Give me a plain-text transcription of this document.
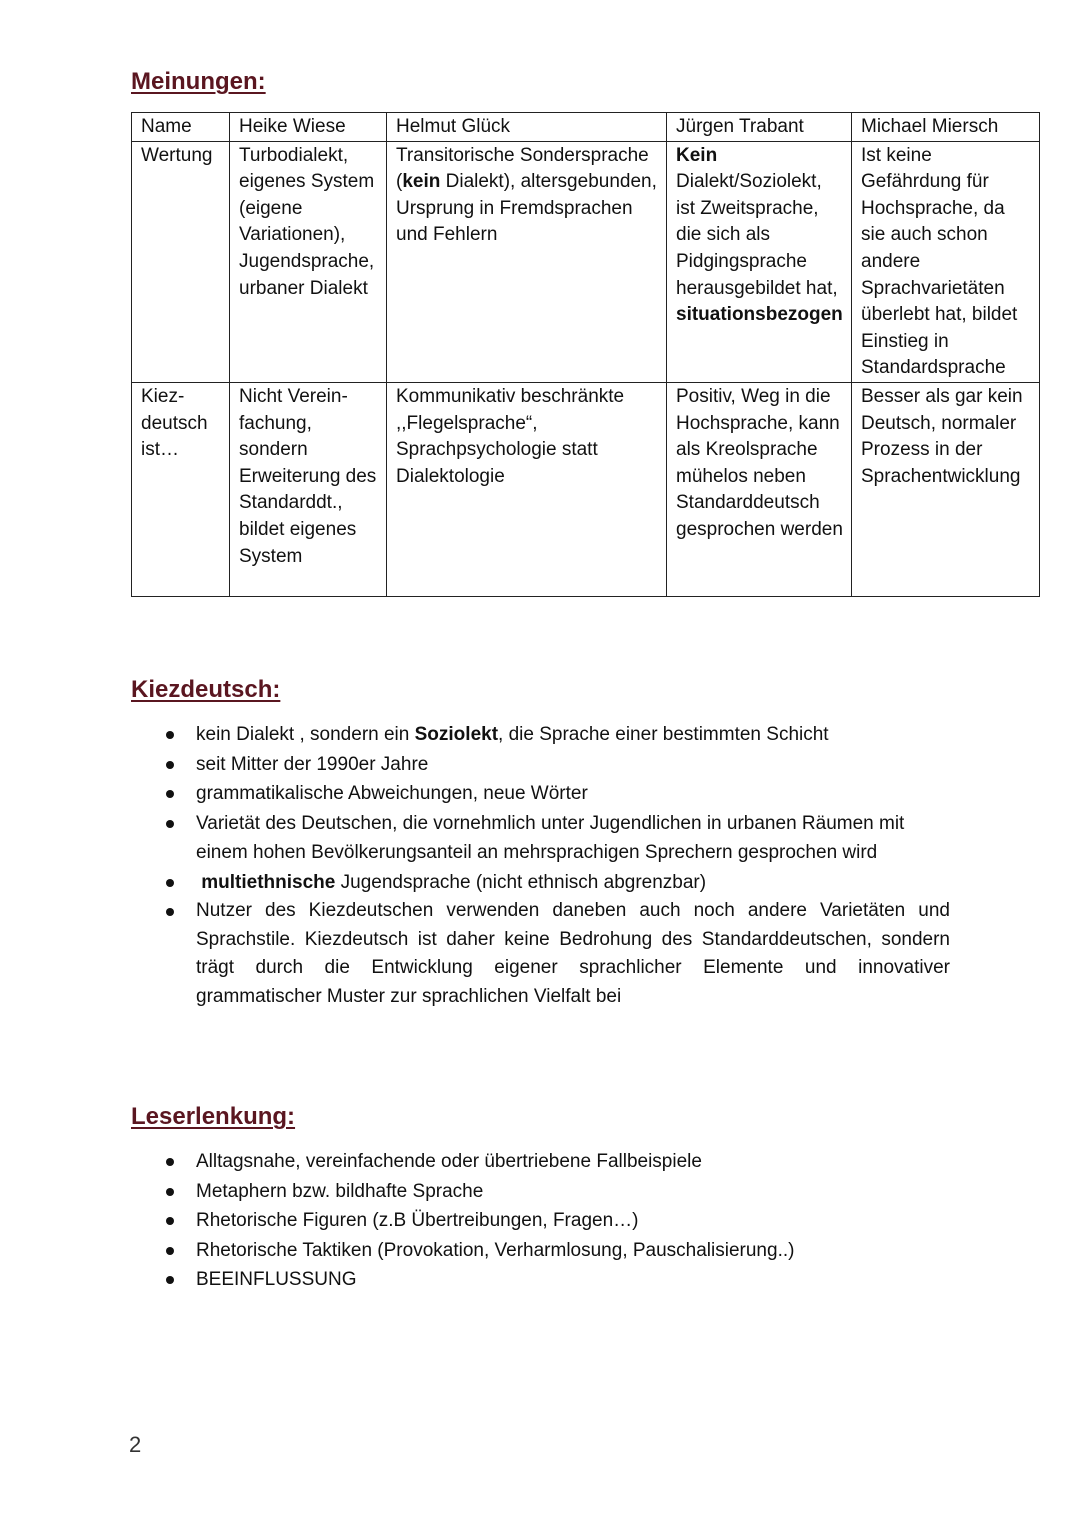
Meinungen:
Name	Heike Wiese	Helmut Glück	Jürgen Trabant	Michael Miersch
Wertung	Turbodialekt, eigenes System (eigene Variationen), Jugendsprache, urbaner Dialekt	Transitorische Sondersprache (kein Dialekt), altersgebunden, Ursprung in Fremdsprachen und Fehlern	Kein Dialekt/Soziolekt, ist Zweitsprache, die sich als Pidgingsprache herausgebildet hat, situationsbezogen	Ist keine Gefährdung für Hochsprache, da sie auch schon andere Sprachvarietäten überlebt hat, bildet Einstieg in Standardsprache
Kiez-deutsch ist…	Nicht Verein-fachung, sondern Erweiterung des Standarddt., bildet eigenes System	Kommunikativ beschränkte ,,Flegelsprache“, Sprachpsychologie statt Dialektologie	Positiv, Weg in die Hochsprache, kann als Kreolsprache mühelos neben Standarddeutsch gesprochen werden	Besser als gar kein Deutsch, normaler Prozess in der Sprachentwicklung
Kiezdeutsch:
kein Dialekt , sondern ein Soziolekt, die Sprache einer bestimmten Schicht
seit Mitter der 1990er Jahre
grammatikalische Abweichungen, neue Wörter
Varietät des Deutschen, die vornehmlich unter Jugendlichen in urbanen Räumen mit einem hohen Bevölkerungsanteil an mehrsprachigen Sprechern gesprochen wird
multiethnische Jugendsprache (nicht ethnisch abgrenzbar)
Nutzer des Kiezdeutschen verwenden daneben auch noch andere Varietäten und Sprachstile. Kiezdeutsch ist daher keine Bedrohung des Standarddeutschen, sondern trägt durch die Entwicklung eigener sprachlicher Elemente und innovativer grammatischer Muster zur sprachlichen Vielfalt bei
Leserlenkung:
Alltagsnahe, vereinfachende oder übertriebene Fallbeispiele
Metaphern bzw. bildhafte Sprache
Rhetorische Figuren (z.B Übertreibungen, Fragen…)
Rhetorische Taktiken (Provokation, Verharmlosung, Pauschalisierung..)
BEEINFLUSSUNG
2
